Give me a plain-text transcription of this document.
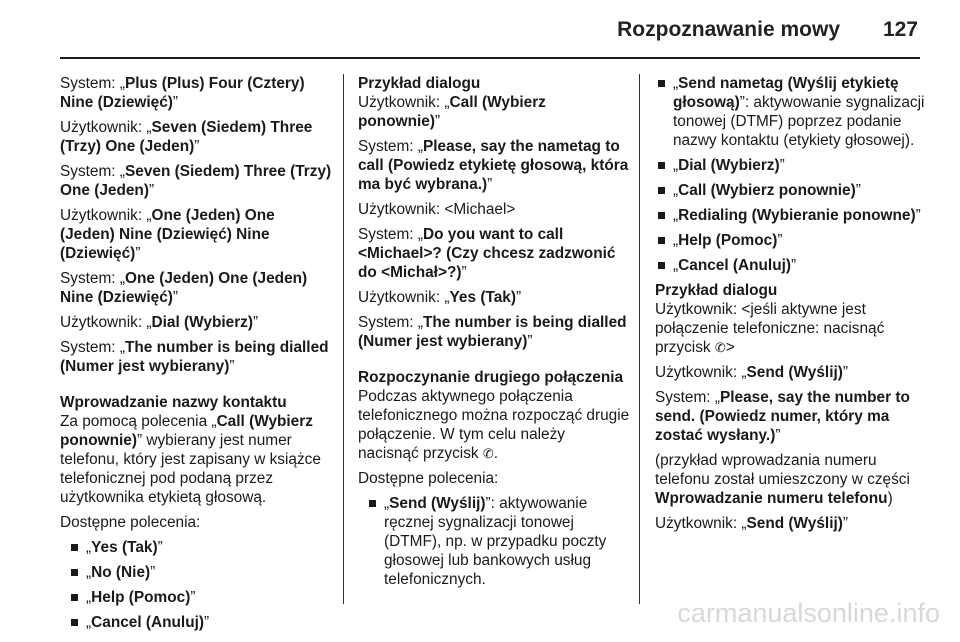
Rozpoznawanie mowy 127

System: „Plus (Plus) Four (Cztery) Nine (Dziewięć)”

Użytkownik: „Seven (Siedem) Three (Trzy) One (Jeden)”

System: „Seven (Siedem) Three (Trzy) One (Jeden)”

Użytkownik: „One (Jeden) One (Jeden) Nine (Dziewięć) Nine (Dziewięć)”

System: „One (Jeden) One (Jeden) Nine (Dziewięć)”

Użytkownik: „Dial (Wybierz)”

System: „The number is being dialled (Numer jest wybierany)”

Wprowadzanie nazwy kontaktu

Za pomocą polecenia „Call (Wybierz ponownie)” wybierany jest numer telefonu, który jest zapisany w książce telefonicznej pod podaną przez użytkownika etykietą głosową.

Dostępne polecenia:

„Yes (Tak)”
„No (Nie)”
„Help (Pomoc)”
„Cancel (Anuluj)”

Przykład dialogu

Użytkownik: „Call (Wybierz ponownie)”

System: „Please, say the nametag to call (Powiedz etykietę głosową, która ma być wybrana.)”

Użytkownik: <Michael>

System: „Do you want to call <Michael>? (Czy chcesz zadzwonić do <Michał>?)”

Użytkownik: „Yes (Tak)”

System: „The number is being dialled (Numer jest wybierany)”

Rozpoczynanie drugiego połączenia

Podczas aktywnego połączenia telefonicznego można rozpocząć drugie połączenie. W tym celu należy nacisnąć przycisk ✆.

Dostępne polecenia:

„Send (Wyślij)”: aktywowanie ręcznej sygnalizacji tonowej (DTMF), np. w przypadku poczty głosowej lub bankowych usług telefonicznych.
„Send nametag (Wyślij etykietę głosową)”: aktywowanie sygnalizacji tonowej (DTMF) poprzez podanie nazwy kontaktu (etykiety głosowej).
„Dial (Wybierz)”
„Call (Wybierz ponownie)”
„Redialing (Wybieranie ponowne)”
„Help (Pomoc)”
„Cancel (Anuluj)”

Przykład dialogu

Użytkownik: <jeśli aktywne jest połączenie telefoniczne: nacisnąć przycisk ✆>

Użytkownik: „Send (Wyślij)”

System: „Please, say the number to send. (Powiedz numer, który ma zostać wysłany.)”

(przykład wprowadzania numeru telefonu został umieszczony w części Wprowadzanie numeru telefonu)

Użytkownik: „Send (Wyślij)”

carmanualsonline.info
